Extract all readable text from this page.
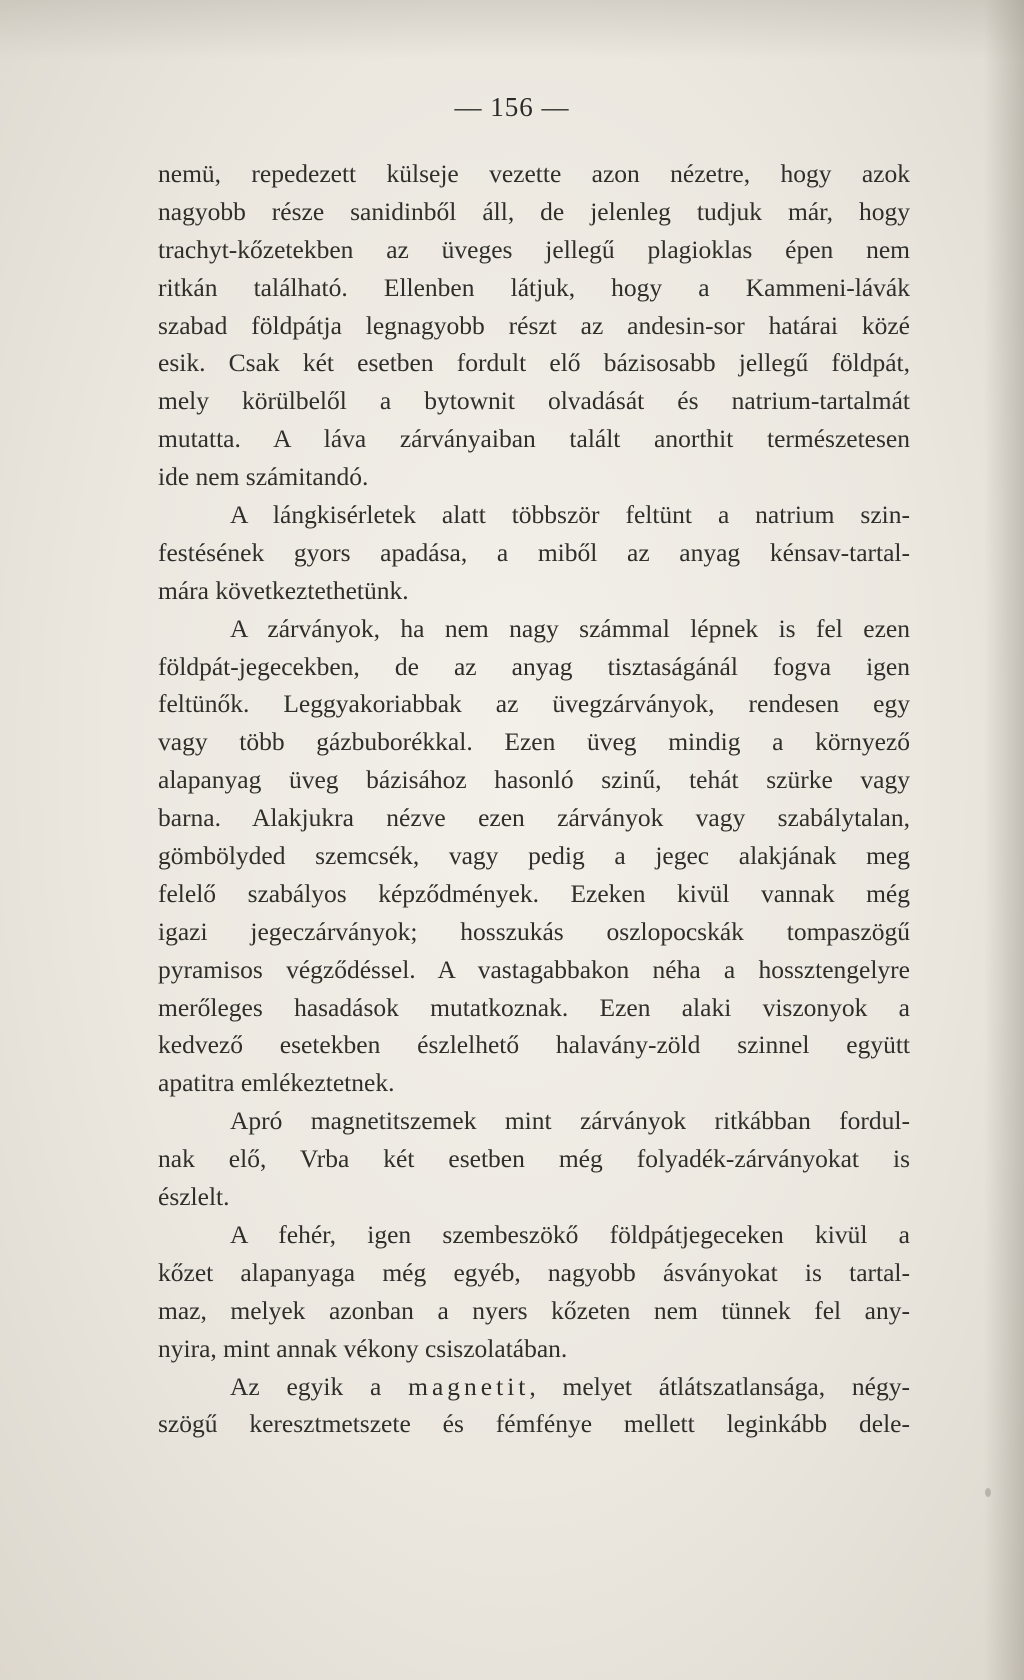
— 156 —
nemü, repedezett külseje vezette azon nézetre, hogy azok
nagyobb része sanidinből áll, de jelenleg tudjuk már, hogy
trachyt-kőzetekben az üveges jellegű plagioklas épen nem
ritkán található. Ellenben látjuk, hogy a Kammeni-lávák
szabad földpátja legnagyobb részt az andesin-sor határai közé
esik. Csak két esetben fordult elő bázisosabb jellegű földpát,
mely körülbelől a bytownit olvadását és natrium-tartalmát
mutatta. A láva zárványaiban talált anorthit természetesen
ide nem számitandó.
A lángkisérletek alatt többször feltünt a natrium szin-
festésének gyors apadása, a miből az anyag kénsav-tartal-
mára következtethetünk.
A zárványok, ha nem nagy számmal lépnek is fel ezen
földpát-jegecekben, de az anyag tisztaságánál fogva igen
feltünők. Leggyakoriabbak az üvegzárványok, rendesen egy
vagy több gázbuborékkal. Ezen üveg mindig a környező
alapanyag üveg bázisához hasonló szinű, tehát szürke vagy
barna. Alakjukra nézve ezen zárványok vagy szabálytalan,
gömbölyded szemcsék, vagy pedig a jegec alakjának meg
felelő szabályos képződmények. Ezeken kivül vannak még
igazi jegeczárványok; hosszukás oszlopocskák tompaszögű
pyramisos végződéssel. A vastagabbakon néha a hossztengelyre
merőleges hasadások mutatkoznak. Ezen alaki viszonyok a
kedvező esetekben észlelhető halavány-zöld szinnel együtt
apatitra emlékeztetnek.
Apró magnetitszemek mint zárványok ritkábban fordul-
nak elő, Vrba két esetben még folyadék-zárványokat is
észlelt.
A fehér, igen szembeszökő földpátjegeceken kivül a
kőzet alapanyaga még egyéb, nagyobb ásványokat is tartal-
maz, melyek azonban a nyers kőzeten nem tünnek fel any-
nyira, mint annak vékony csiszolatában.
Az egyik a magnetit, melyet átlátszatlansága, négy-
szögű keresztmetszete és fémfénye mellett leginkább dele-
